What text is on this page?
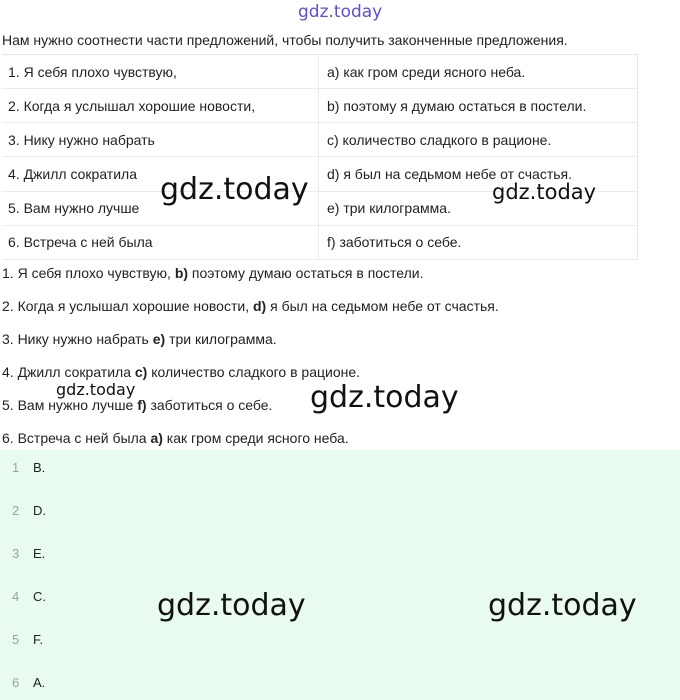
gdz.today
Нам нужно соотнести части предложений, чтобы получить законченные предложения.
1. Я себя плохо чувствую,	a) как гром среди ясного неба.
2. Когда я услышал хорошие новости,	b) поэтому я думаю остаться в постели.
3. Нику нужно набрать	c) количество сладкого в рационе.
4. Джилл сократила	d) я был на седьмом небе от счастья.
5. Вам нужно лучше	e) три килограмма.
6. Встреча с ней была	f) заботиться о себе.
1. Я себя плохо чувствую, b) поэтому думаю остаться в постели.
2. Когда я услышал хорошие новости, d) я был на седьмом небе от счастья.
3. Нику нужно набрать e) три килограмма.
4. Джилл сократила c) количество сладкого в рационе.
5. Вам нужно лучше f) заботиться о себе.
6. Встреча с ней была a) как гром среди ясного неба.
1 B.
2 D.
3 E.
4 C.
5 F.
6 A.
gdz.today	gdz.today
gdz.today	gdz.today
gdz.today	gdz.today
